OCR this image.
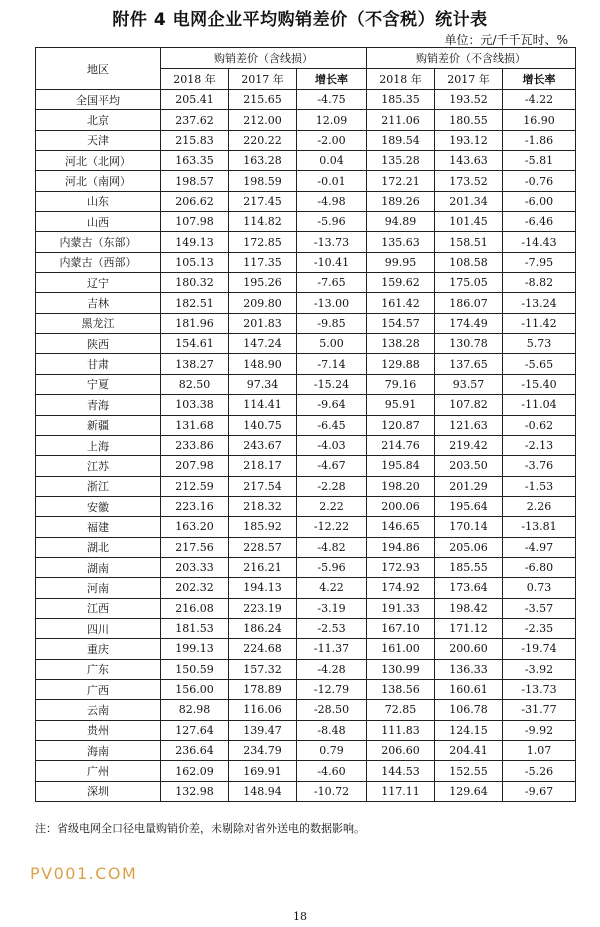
附件 4 电网企业平均购销差价（不含税）统计表
单位：元/千千瓦时、%
地区	购销差价（含线损）			购销差价（不含线损）		
	2018 年	2017 年	增长率	2018 年	2017 年	增长率
全国平均	205.41	215.65	-4.75	185.35	193.52	-4.22
北京	237.62	212.00	12.09	211.06	180.55	16.90
天津	215.83	220.22	-2.00	189.54	193.12	-1.86
河北（北网）	163.35	163.28	0.04	135.28	143.63	-5.81
河北（南网）	198.57	198.59	-0.01	172.21	173.52	-0.76
山东	206.62	217.45	-4.98	189.26	201.34	-6.00
山西	107.98	114.82	-5.96	94.89	101.45	-6.46
内蒙古（东部）	149.13	172.85	-13.73	135.63	158.51	-14.43
内蒙古（西部）	105.13	117.35	-10.41	99.95	108.58	-7.95
辽宁	180.32	195.26	-7.65	159.62	175.05	-8.82
吉林	182.51	209.80	-13.00	161.42	186.07	-13.24
黑龙江	181.96	201.83	-9.85	154.57	174.49	-11.42
陕西	154.61	147.24	5.00	138.28	130.78	5.73
甘肃	138.27	148.90	-7.14	129.88	137.65	-5.65
宁夏	82.50	97.34	-15.24	79.16	93.57	-15.40
青海	103.38	114.41	-9.64	95.91	107.82	-11.04
新疆	131.68	140.75	-6.45	120.87	121.63	-0.62
上海	233.86	243.67	-4.03	214.76	219.42	-2.13
江苏	207.98	218.17	-4.67	195.84	203.50	-3.76
浙江	212.59	217.54	-2.28	198.20	201.29	-1.53
安徽	223.16	218.32	2.22	200.06	195.64	2.26
福建	163.20	185.92	-12.22	146.65	170.14	-13.81
湖北	217.56	228.57	-4.82	194.86	205.06	-4.97
湖南	203.33	216.21	-5.96	172.93	185.55	-6.80
河南	202.32	194.13	4.22	174.92	173.64	0.73
江西	216.08	223.19	-3.19	191.33	198.42	-3.57
四川	181.53	186.24	-2.53	167.10	171.12	-2.35
重庆	199.13	224.68	-11.37	161.00	200.60	-19.74
广东	150.59	157.32	-4.28	130.99	136.33	-3.92
广西	156.00	178.89	-12.79	138.56	160.61	-13.73
云南	82.98	116.06	-28.50	72.85	106.78	-31.77
贵州	127.64	139.47	-8.48	111.83	124.15	-9.92
海南	236.64	234.79	0.79	206.60	204.41	1.07
广州	162.09	169.91	-4.60	144.53	152.55	-5.26
深圳	132.98	148.94	-10.72	117.11	129.64	-9.67
注：省级电网全口径电量购销价差，未剔除对省外送电的数据影响。
PV001.COM
18
